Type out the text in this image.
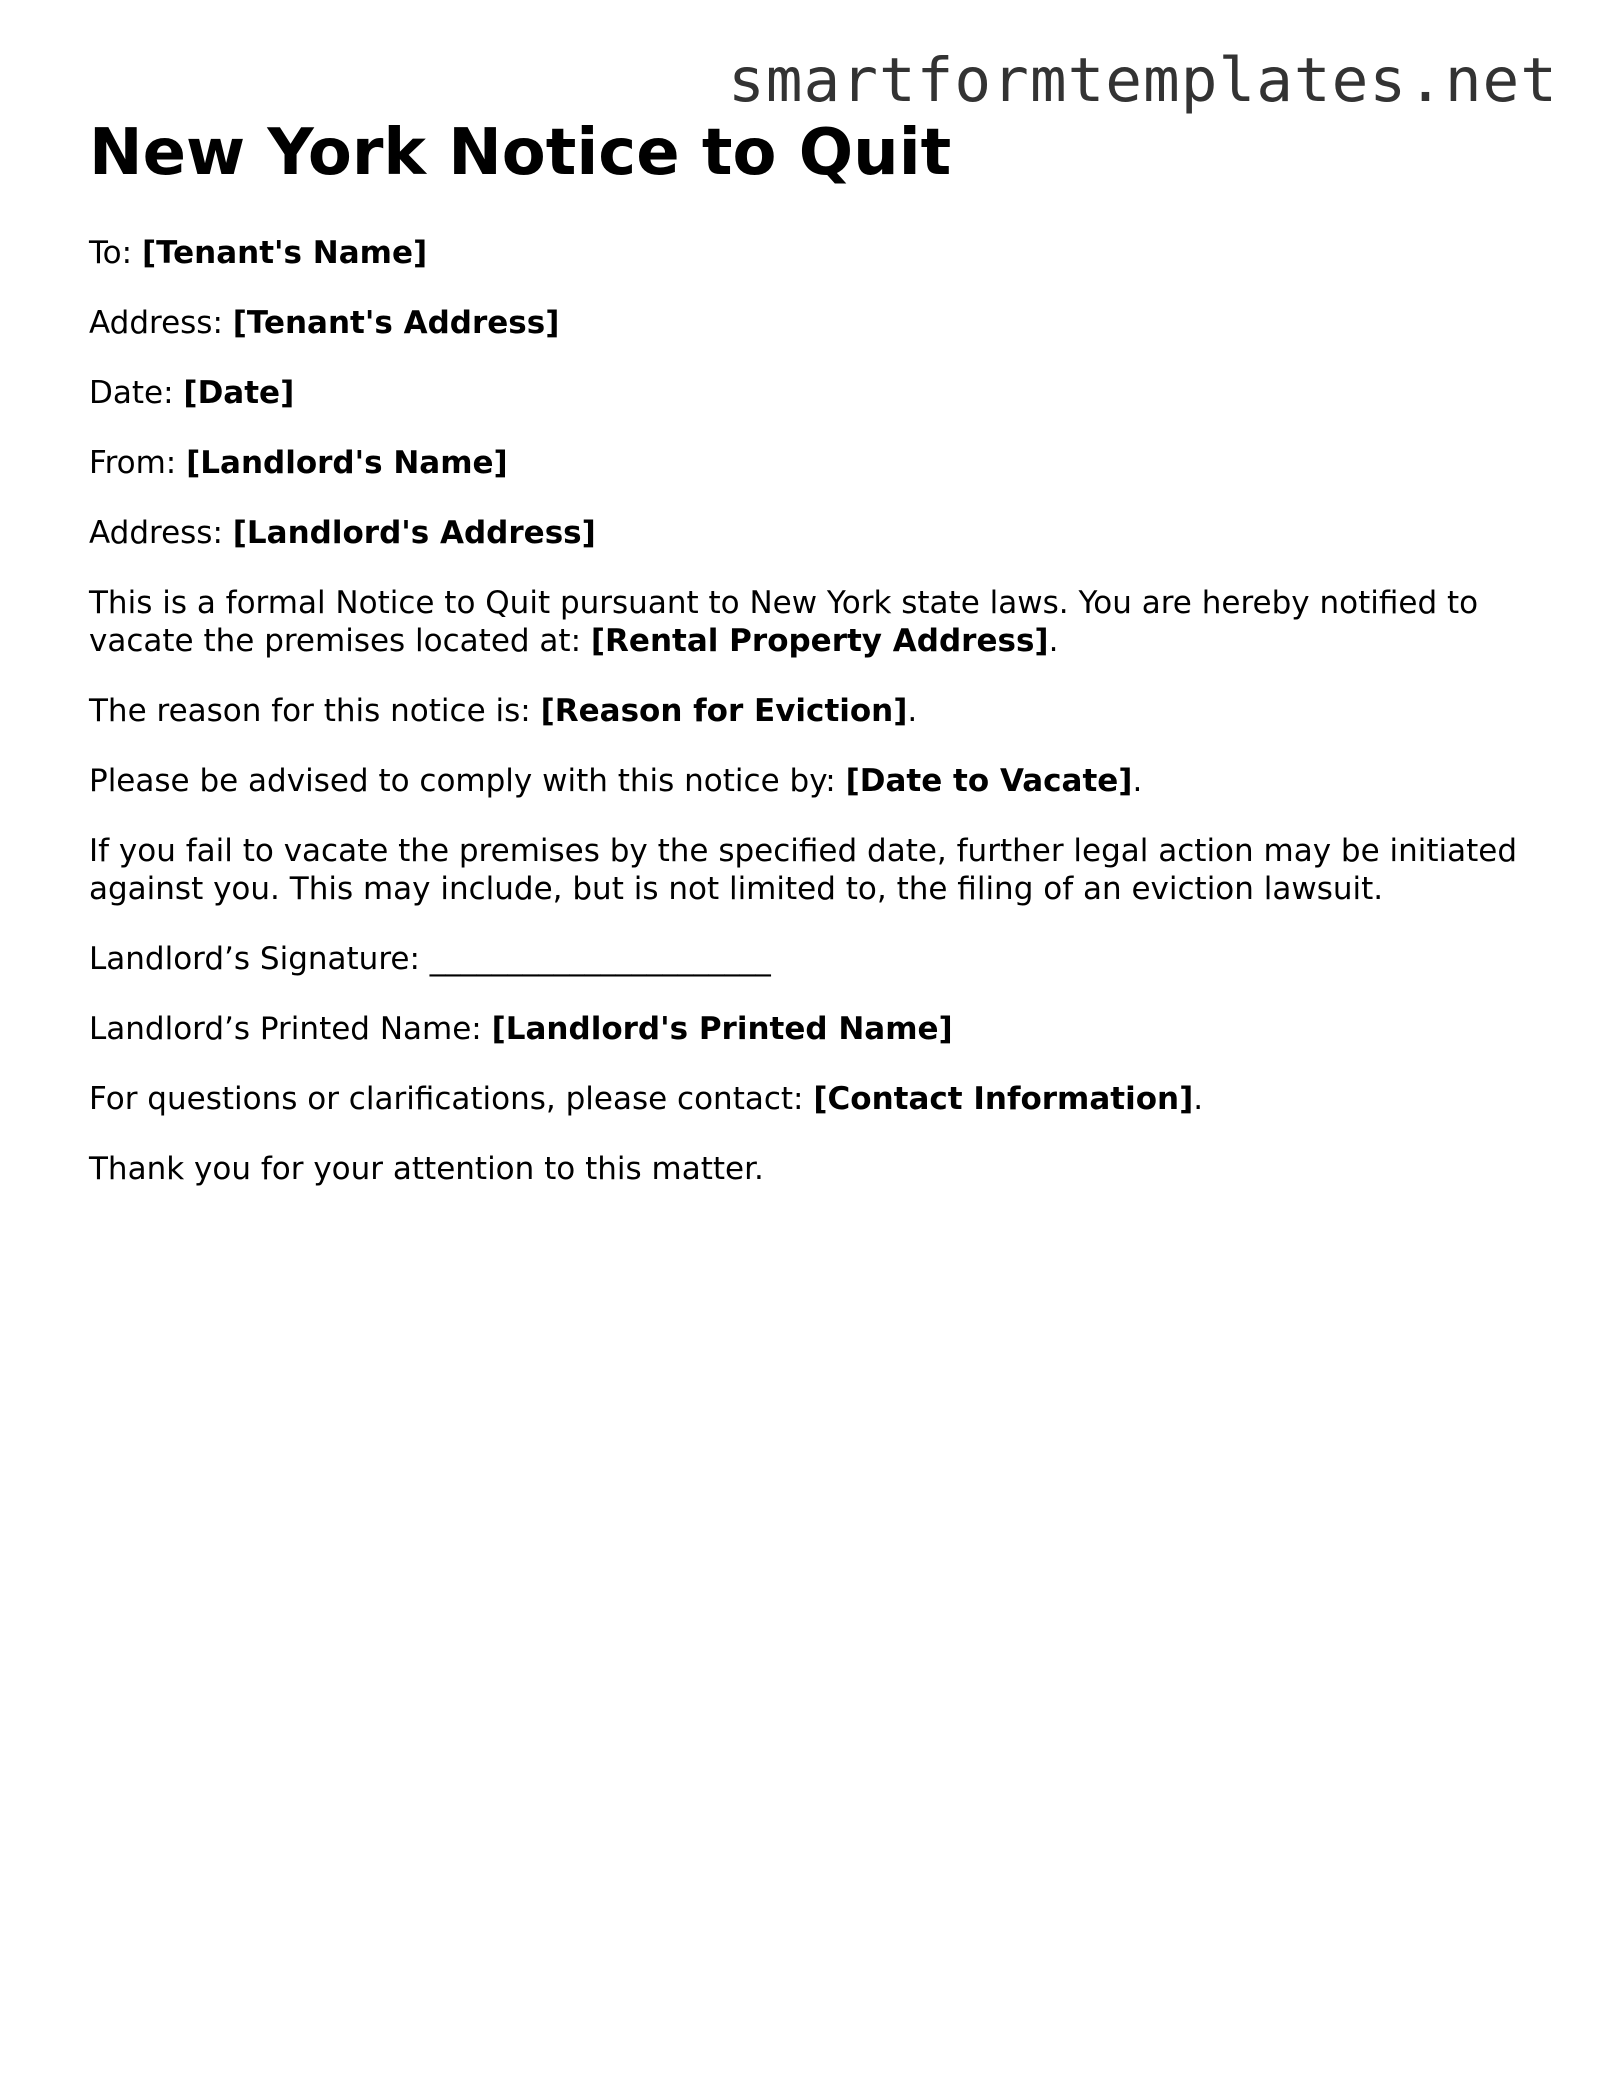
smartformtemplates.net
New York Notice to Quit

To: [Tenant's Name]

Address: [Tenant's Address]

Date: [Date]

From: [Landlord's Name]

Address: [Landlord's Address]

This is a formal Notice to Quit pursuant to New York state laws. You are hereby notified to vacate the premises located at: [Rental Property Address].

The reason for this notice is: [Reason for Eviction].

Please be advised to comply with this notice by: [Date to Vacate].

If you fail to vacate the premises by the specified date, further legal action may be initiated against you. This may include, but is not limited to, the filing of an eviction lawsuit.

Landlord’s Signature: ______________________

Landlord’s Printed Name: [Landlord's Printed Name]

For questions or clarifications, please contact: [Contact Information].

Thank you for your attention to this matter.
